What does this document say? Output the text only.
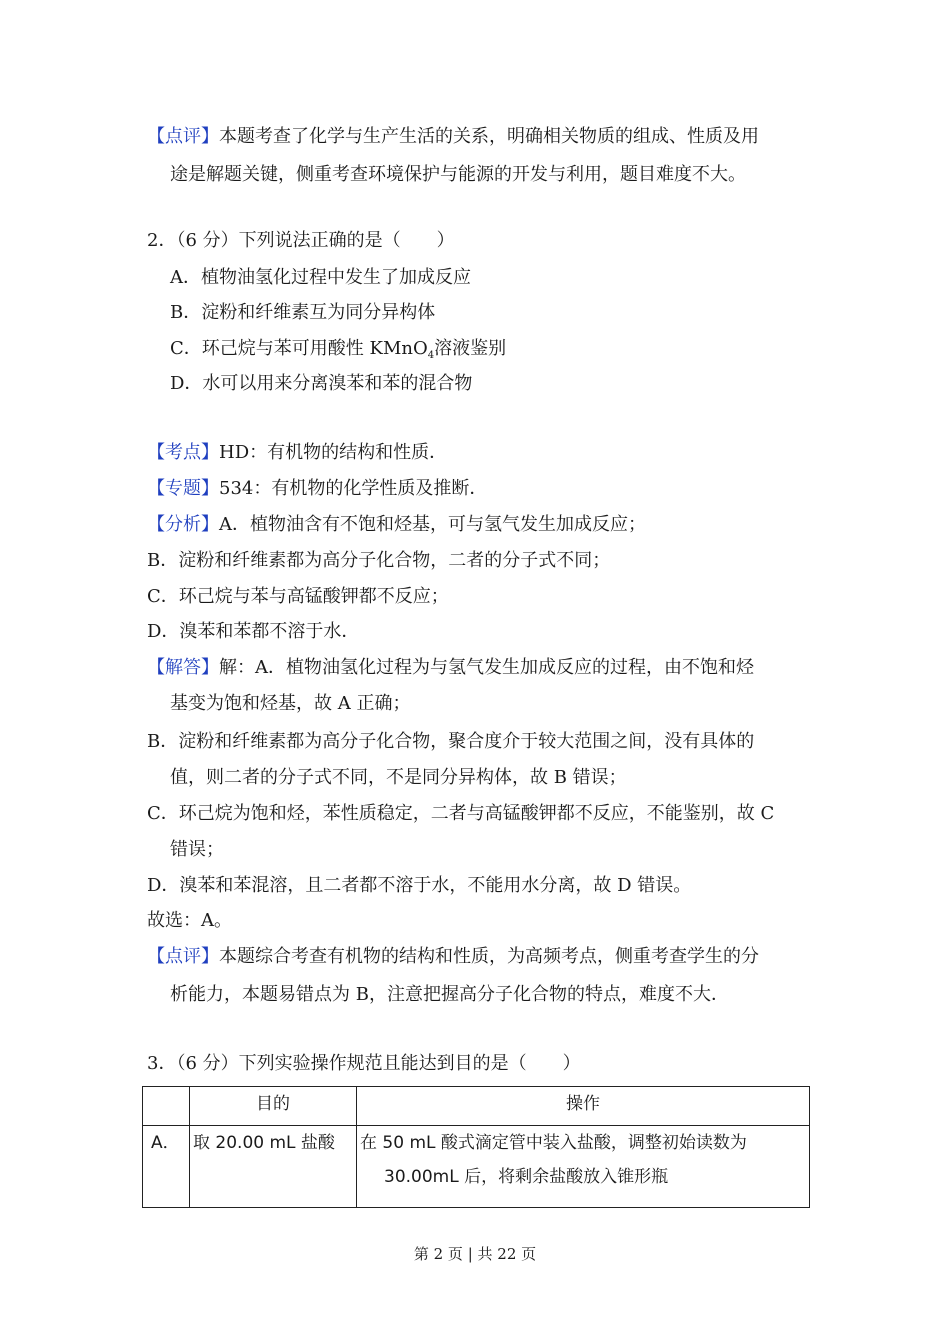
【点评】本题考查了化学与生产生活的关系，明确相关物质的组成、性质及用
途是解题关键，侧重考查环境保护与能源的开发与利用，题目难度不大。
2．（6 分）下列说法正确的是（　　）
A．植物油氢化过程中发生了加成反应
B．淀粉和纤维素互为同分异构体
C．环己烷与苯可用酸性 KMnO$_4$溶液鉴别
D．水可以用来分离溴苯和苯的混合物
【考点】HD：有机物的结构和性质．
【专题】534：有机物的化学性质及推断．
【分析】A．植物油含有不饱和烃基，可与氢气发生加成反应；
B．淀粉和纤维素都为高分子化合物，二者的分子式不同；
C．环己烷与苯与高锰酸钾都不反应；
D．溴苯和苯都不溶于水．
【解答】解：A．植物油氢化过程为与氢气发生加成反应的过程，由不饱和烃
基变为饱和烃基，故 A 正确；
B．淀粉和纤维素都为高分子化合物，聚合度介于较大范围之间，没有具体的
值，则二者的分子式不同，不是同分异构体，故 B 错误；
C．环己烷为饱和烃，苯性质稳定，二者与高锰酸钾都不反应，不能鉴别，故 C
错误；
D．溴苯和苯混溶，且二者都不溶于水，不能用水分离，故 D 错误。
故选：A。
【点评】本题综合考查有机物的结构和性质，为高频考点，侧重考查学生的分
析能力，本题易错点为 B，注意把握高分子化合物的特点，难度不大．
3．（6 分）下列实验操作规范且能达到目的是（　　）
	目的	操作
A．	取 20.00 mL 盐酸	在 50 mL 酸式滴定管中装入盐酸，调整初始读数为
30.00mL 后，将剩余盐酸放入锥形瓶
第 2 页 | 共 22 页
